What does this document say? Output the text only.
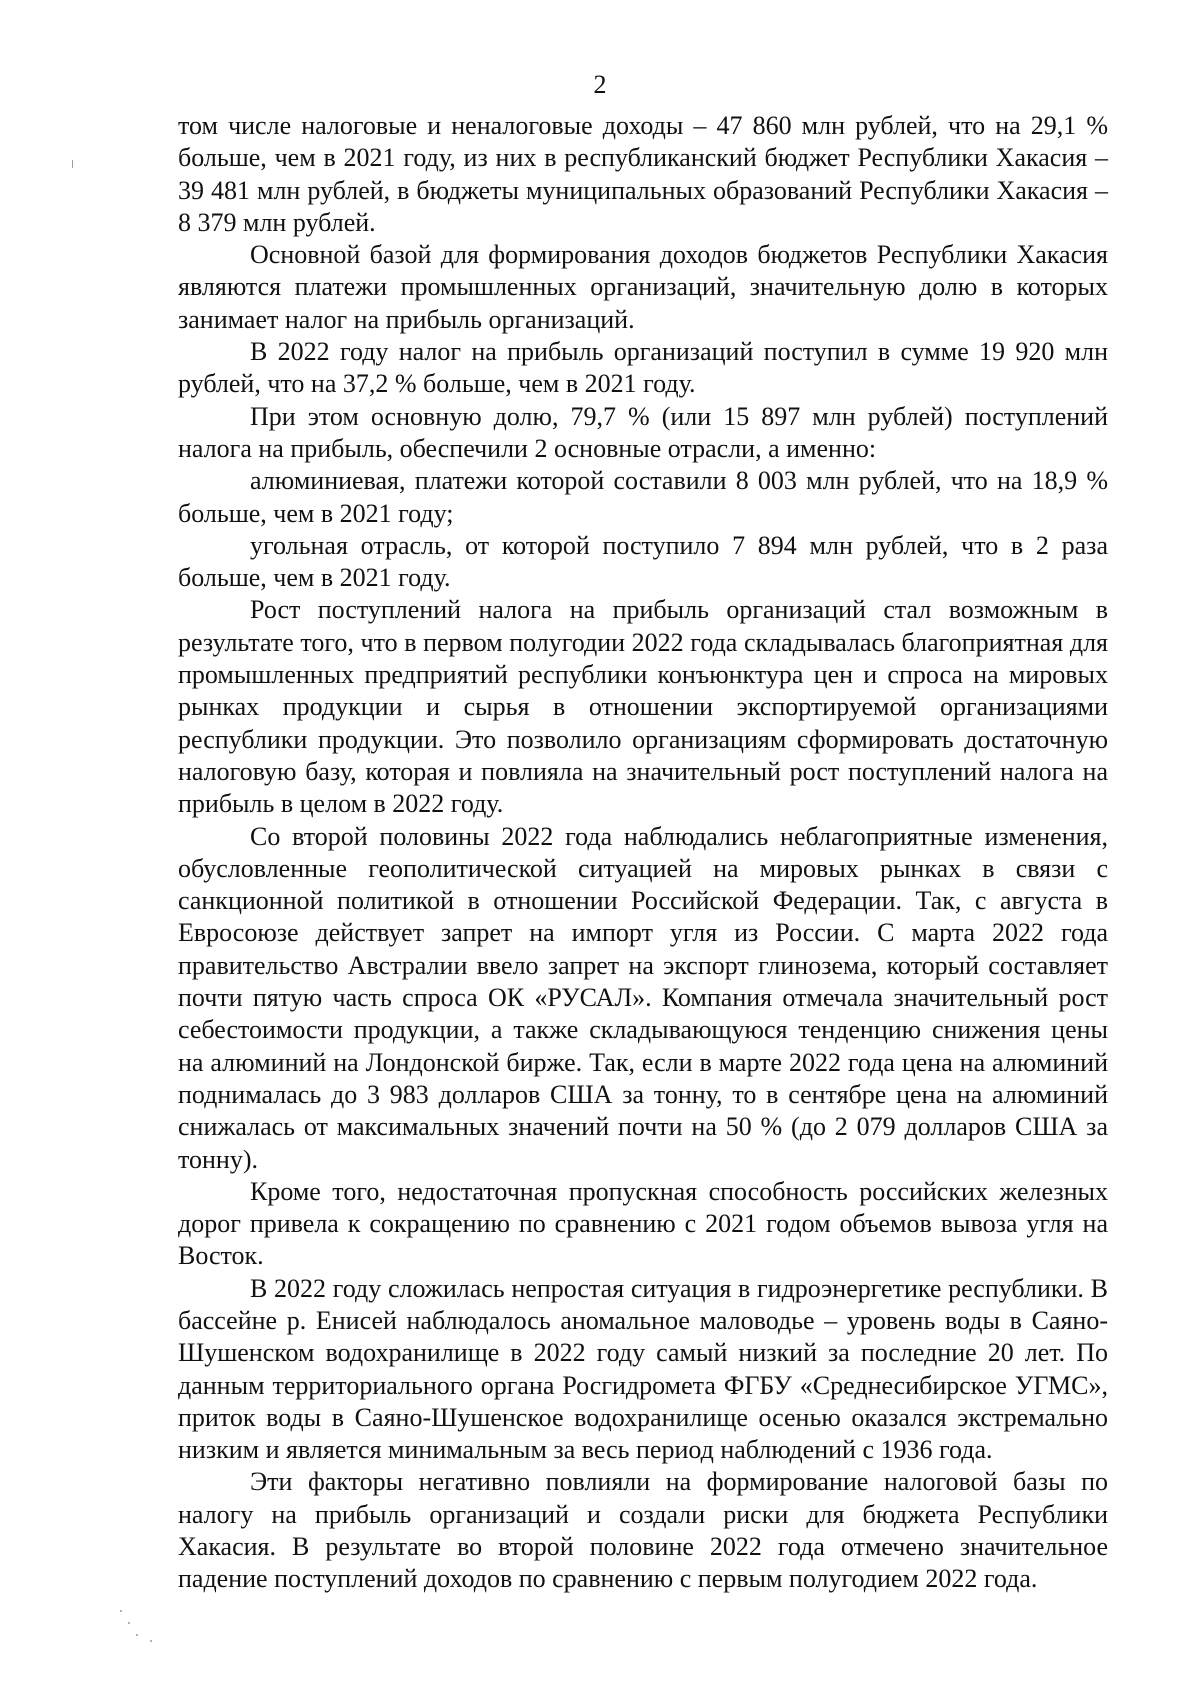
2

том числе налоговые и неналоговые доходы – 47 860 млн рублей, что на 29,1 % больше, чем в 2021 году, из них в республиканский бюджет Республики Хакасия – 39 481 млн рублей, в бюджеты муниципальных образований Республики Хакасия – 8 379 млн рублей.

Основной базой для формирования доходов бюджетов Республики Хакасия являются платежи промышленных организаций, значительную долю в которых занимает налог на прибыль организаций.

В 2022 году налог на прибыль организаций поступил в сумме 19 920 млн рублей, что на 37,2 % больше, чем в 2021 году.

При этом основную долю, 79,7 % (или 15 897 млн рублей) поступлений налога на прибыль, обеспечили 2 основные отрасли, а именно:

алюминиевая, платежи которой составили 8 003 млн рублей, что на 18,9 % больше, чем в 2021 году;

угольная отрасль, от которой поступило 7 894 млн рублей, что в 2 раза больше, чем в 2021 году.

Рост поступлений налога на прибыль организаций стал возможным в результате того, что в первом полугодии 2022 года складывалась благоприятная для промышленных предприятий республики конъюнктура цен и спроса на мировых рынках продукции и сырья в отношении экспортируемой организациями республики продукции. Это позволило организациям сформировать достаточную налоговую базу, которая и повлияла на значительный рост поступлений налога на прибыль в целом в 2022 году.

Со второй половины 2022 года наблюдались неблагоприятные изменения, обусловленные геополитической ситуацией на мировых рынках в связи с санкционной политикой в отношении Российской Федерации. Так, с августа в Евросоюзе действует запрет на импорт угля из России. С марта 2022 года правительство Австралии ввело запрет на экспорт глинозема, который составляет почти пятую часть спроса ОК «РУСАЛ». Компания отмечала значительный рост себестоимости продукции, а также складывающуюся тенденцию снижения цены на алюминий на Лондонской бирже. Так, если в марте 2022 года цена на алюминий поднималась до 3 983 долларов США за тонну, то в сентябре цена на алюминий снижалась от максимальных значений почти на 50 % (до 2 079 долларов США за тонну).

Кроме того, недостаточная пропускная способность российских железных дорог привела к сокращению по сравнению с 2021 годом объемов вывоза угля на Восток.

В 2022 году сложилась непростая ситуация в гидроэнергетике республики. В бассейне р. Енисей наблюдалось аномальное маловодье – уровень воды в Саяно-Шушенском водохранилище в 2022 году самый низкий за последние 20 лет. По данным территориального органа Росгидромета ФГБУ «Среднесибирское УГМС», приток воды в Саяно-Шушенское водохранилище осенью оказался экстремально низким и является минимальным за весь период наблюдений с 1936 года.

Эти факторы негативно повлияли на формирование налоговой базы по налогу на прибыль организаций и создали риски для бюджета Республики Хакасия. В результате во второй половине 2022 года отмечено значительное падение поступлений доходов по сравнению с первым полугодием 2022 года.
